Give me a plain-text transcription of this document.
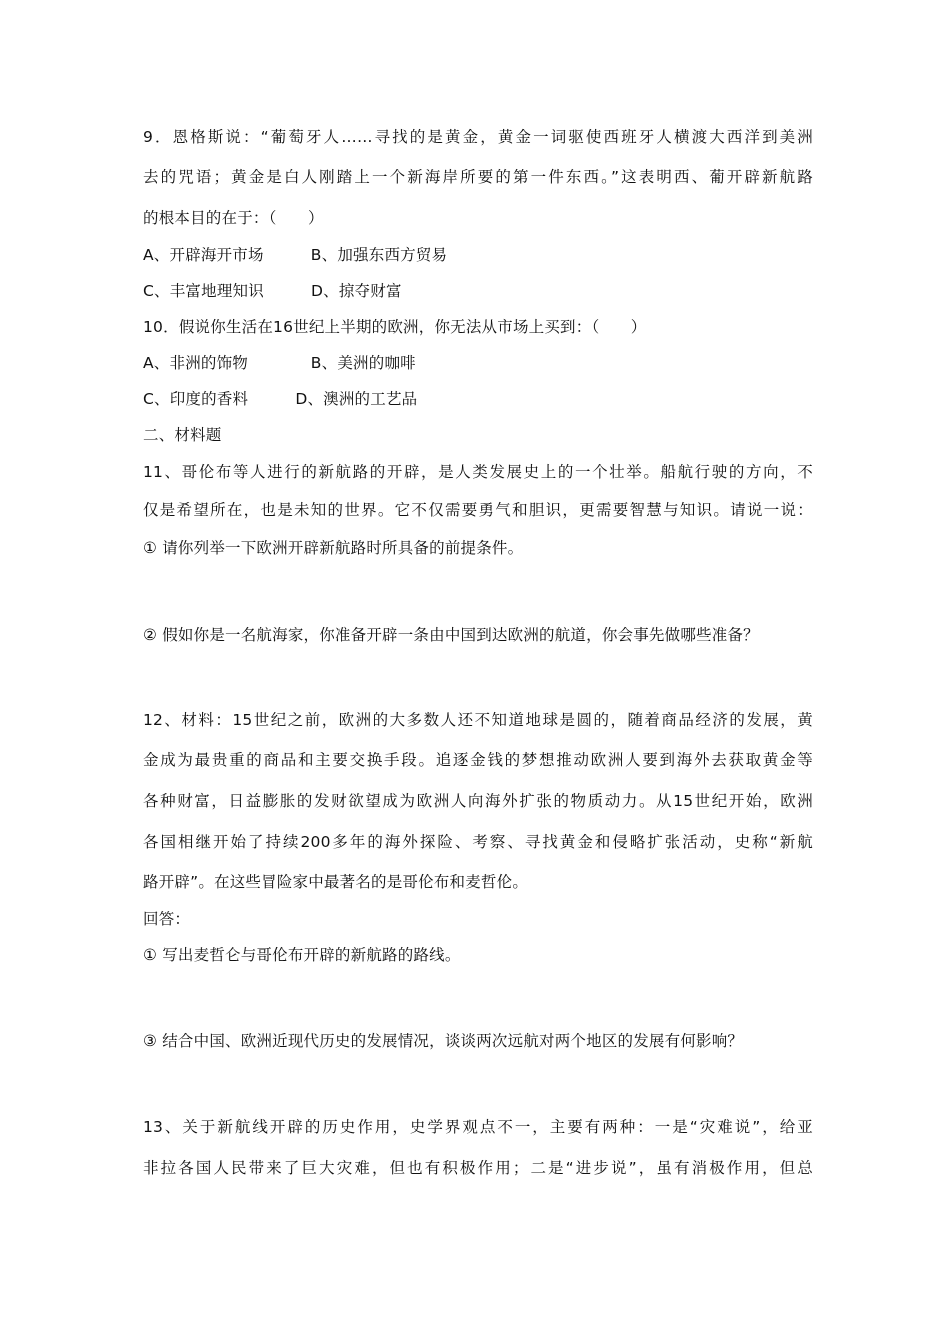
9．恩格斯说：“葡萄牙人……寻找的是黄金，黄金一词驱使西班牙人横渡大西洋到美洲
去的咒语；黄金是白人刚踏上一个新海岸所要的第一件东西。”这表明西、葡开辟新航路
的根本目的在于：（　　）
A、开辟海开市场　　　B、加强东西方贸易
C、丰富地理知识　　　D、掠夺财富
10．假说你生活在16世纪上半期的欧洲，你无法从市场上买到：（　　）
A、非洲的饰物　　　　B、美洲的咖啡
C、印度的香料　　　D、澳洲的工艺品
二、材料题
11、哥伦布等人进行的新航路的开辟，是人类发展史上的一个壮举。船航行驶的方向，不
仅是希望所在，也是未知的世界。它不仅需要勇气和胆识，更需要智慧与知识。请说一说：
① 请你列举一下欧洲开辟新航路时所具备的前提条件。
② 假如你是一名航海家，你准备开辟一条由中国到达欧洲的航道，你会事先做哪些准备？
12、材料：15世纪之前，欧洲的大多数人还不知道地球是圆的，随着商品经济的发展，黄
金成为最贵重的商品和主要交换手段。追逐金钱的梦想推动欧洲人要到海外去获取黄金等
各种财富，日益膨胀的发财欲望成为欧洲人向海外扩张的物质动力。从15世纪开始，欧洲
各国相继开始了持续200多年的海外探险、考察、寻找黄金和侵略扩张活动，史称“新航
路开辟”。在这些冒险家中最著名的是哥伦布和麦哲伦。
回答：
① 写出麦哲仑与哥伦布开辟的新航路的路线。
③ 结合中国、欧洲近现代历史的发展情况，谈谈两次远航对两个地区的发展有何影响？
13、关于新航线开辟的历史作用，史学界观点不一，主要有两种：一是“灾难说”，给亚
非拉各国人民带来了巨大灾难，但也有积极作用；二是“进步说”，虽有消极作用，但总
